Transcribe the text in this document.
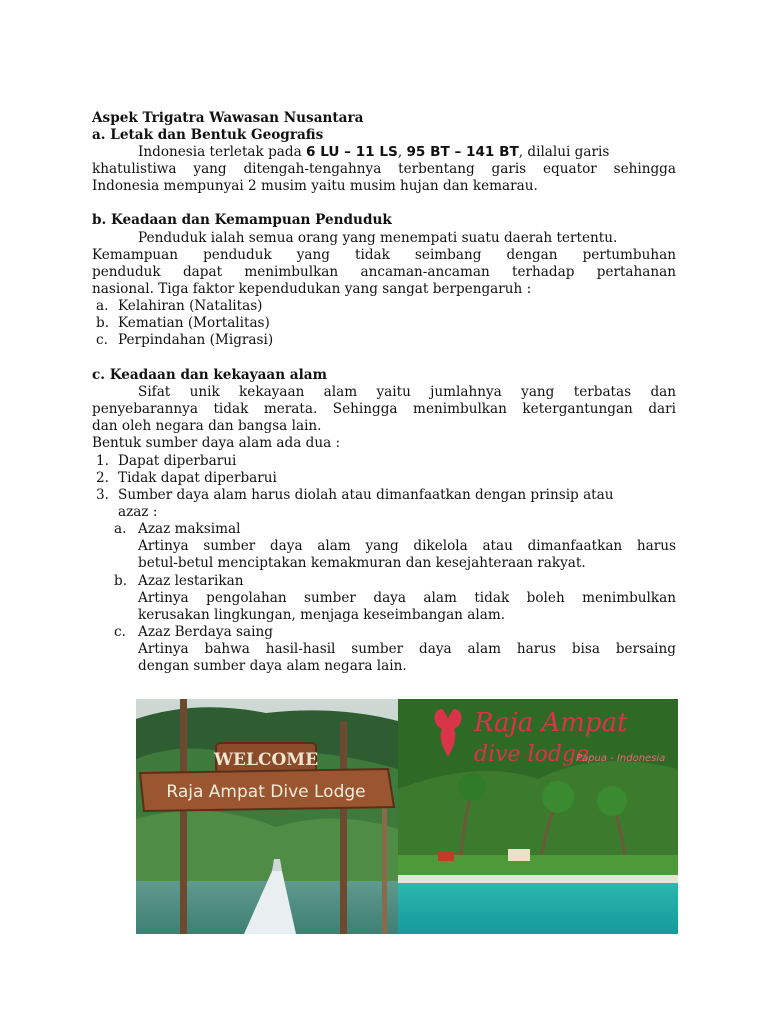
Aspek Trigatra Wawasan Nusantara
a. Letak dan Bentuk Geografis
Indonesia terletak pada 6 LU – 11 LS, 95 BT – 141 BT, dilalui garis
khatulistiwa yang ditengah-tengahnya terbentang garis equator sehingga
Indonesia mempunyai 2 musim yaitu musim hujan dan kemarau.
b. Keadaan dan Kemampuan Penduduk
Penduduk ialah semua orang yang menempati suatu daerah tertentu.
Kemampuan penduduk yang tidak seimbang dengan pertumbuhan
penduduk dapat menimbulkan ancaman-ancaman terhadap pertahanan
nasional. Tiga faktor kependudukan yang sangat berpengaruh :
a. Kelahiran (Natalitas)
b. Kematian (Mortalitas)
c. Perpindahan (Migrasi)
c. Keadaan dan kekayaan alam
Sifat unik kekayaan alam yaitu jumlahnya yang terbatas dan
penyebarannya tidak merata. Sehingga menimbulkan ketergantungan dari
dan oleh negara dan bangsa lain.
Bentuk sumber daya alam ada dua :
1. Dapat diperbarui
2. Tidak dapat diperbarui
3. Sumber daya alam harus diolah atau dimanfaatkan dengan prinsip atau
azaz :
a. Azaz maksimal
Artinya sumber daya alam yang dikelola atau dimanfaatkan harus
betul-betul menciptakan kemakmuran dan kesejahteraan rakyat.
b. Azaz lestarikan
Artinya pengolahan sumber daya alam tidak boleh menimbulkan
kerusakan lingkungan, menjaga keseimbangan alam.
c. Azaz Berdaya saing
Artinya bahwa hasil-hasil sumber daya alam harus bisa bersaing
dengan sumber daya alam negara lain.
WELCOME
Raja Ampat Dive Lodge
Raja Ampat
dive lodge
Papua - Indonesia
